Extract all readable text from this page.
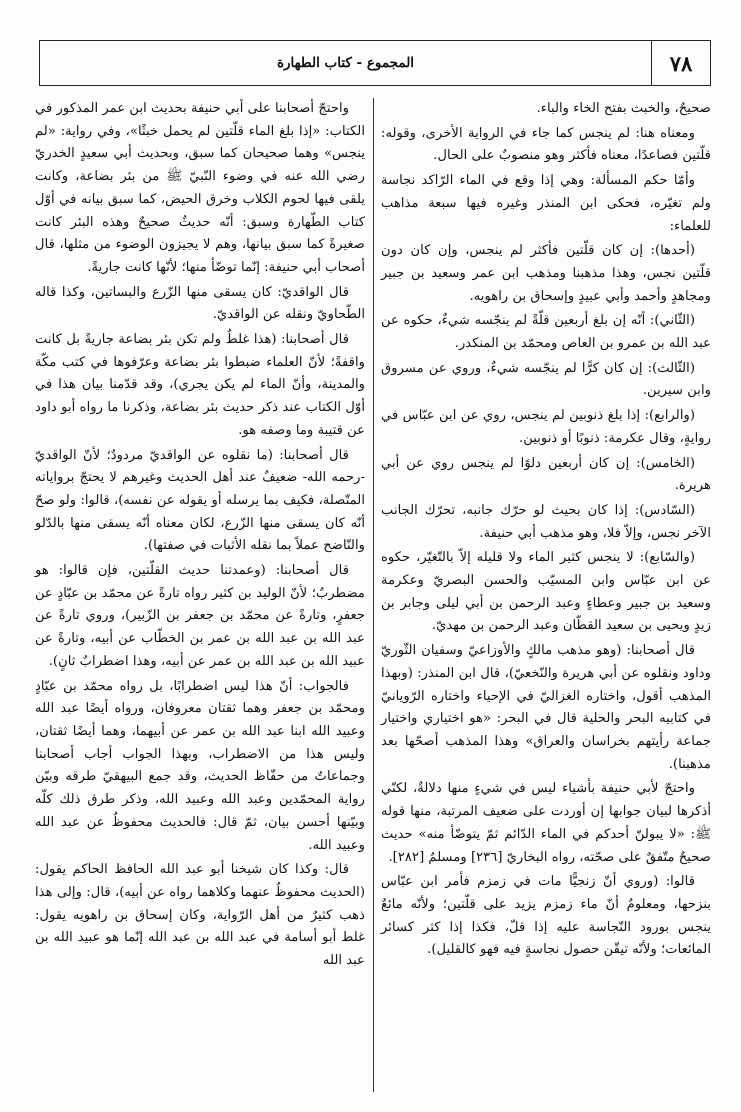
٧٨
المجموع - كتاب الطهارة

صحيحٌ، والخبث بفتح الخاء والباء.

ومعناه هنا: لم ينجس كما جاء في الرواية الأخرى، وقوله: قلّتين فصاعدًا، معناه فأكثر وهو منصوبٌ على الحال.

وأمّا حكم المسألة: وهي إذا وقع في الماء الرّاكد نجاسة ولم تغيّره، فحكى ابن المنذر وغيره فيها سبعة مذاهب للعلماء:

(أحدها): إن كان قلّتين فأكثر لم ينجس، وإن كان دون قلّتين نجس، وهذا مذهبنا ومذهب ابن عمر وسعيد بن جبير ومجاهدٍ وأحمد وأبي عبيدٍ وإسحاق بن راهويه.

(الثّاني): أنّه إن بلغ أربعين قلّةً لم ينجّسه شيءٌ، حكوه عن عبد الله بن عمرو بن العاص ومحمّد بن المنكدر.

(الثّالث): إن كان كرًّا لم ينجّسه شيءٌ، وروي عن مسروق وابن سيرين.

(والرابع): إذا بلغ ذنوبين لم ينجس، روي عن ابن عبّاس في روايةٍ، وقال عكرمة: ذنوبًا أو ذنوبين.

(الخامس): إن كان أربعين دلوًا لم ينجس روي عن أبي هريرة.

(السّادس): إذا كان بحيث لو حرّك جانبه، تحرّك الجانب الآخر نجس، وإلاّ فلا، وهو مذهب أبي حنيفة.

(والسّابع): لا ينجس كثير الماء ولا قليله إلاّ بالتّغيّر، حكوه عن ابن عبّاس وابن المسيّب والحسن البصريّ وعكرمة وسعيد بن جبير وعطاءٍ وعبد الرحمن بن أبي ليلى وجابر بن زيدٍ ويحيى بن سعيد القطّان وعبد الرحمن بن مهديّ.

قال أصحابنا: (وهو مذهب مالكٍ والأوزاعيّ وسفيان الثّوريّ وداود ونقلوه عن أبي هريرة والنّخعيّ)، قال ابن المنذر: (وبهذا المذهب أقول، واختاره الغزاليّ في الإحياء واختاره الرّويانيّ في كتابيه البحر والحلية قال في البحر: «هو اختياري واختيار جماعة رأيتهم بخراسان والعراق» وهذا المذهب أصحّها بعد مذهبنا).

واحتجّ لأبي حنيفة بأشياء ليس في شيءٍ منها دلالةٌ، لكنّي أذكرها لبيان جوابها إن أوردت على ضعيف المرتبة، منها قوله ﷺ: «لا يبولنّ أحدكم في الماء الدّائم ثمّ يتوضّأ منه» حديث صحيحٌ متّفقٌ على صحّته، رواه البخاريّ [٢٣٦] ومسلمٌ [٢٨٢].

قالوا: (وروي أنّ زنجيًّا مات في زمزم فأمر ابن عبّاس بنزحها، ومعلومٌ أنّ ماء زمزم يزيد على قلّتين؛ ولأنّه مائعٌ ينجس بورود النّجاسة عليه إذا قلّ، فكذا إذا كثر كسائر المائعات؛ ولأنّه تيقّن حصول نجاسةٍ فيه فهو كالقليل).

واحتجّ أصحابنا على أبي حنيفة بحديث ابن عمر المذكور في الكتاب: «إذا بلغ الماء قلّتين لم يحمل خبثًا»، وفي رواية: «لم ينجس» وهما صحيحان كما سبق، وبحديث أبي سعيدٍ الخدريّ رضي الله عنه في وضوء النّبيّ ﷺ من بئر بضاعة، وكانت يلقى فيها لحوم الكلاب وخرق الحيض، كما سبق بيانه في أوّل كتاب الطّهارة وسبق: أنّه حديثٌ صحيحٌ وهذه البئر كانت صغيرةً كما سبق بيانها، وهم لا يجيزون الوضوء من مثلها، قال أصحاب أبي حنيفة: إنّما توضّأ منها؛ لأنّها كانت جاريةً.

قال الواقديّ: كان يسقى منها الزّرع والبساتين، وكذا قاله الطّحاويّ ونقله عن الواقديّ.

قال أصحابنا: (هذا غلطٌ ولم تكن بئر بضاعة جاريةً بل كانت واقفةً؛ لأنّ العلماء ضبطوا بئر بضاعة وعرّفوها في كتب مكّة والمدينة، وأنّ الماء لم يكن يجري)، وقد قدّمنا بيان هذا في أوّل الكتاب عند ذكر حديث بئر بضاعة، وذكرنا ما رواه أبو داود عن قتيبة وما وصفه هو.

قال أصحابنا: (ما نقلوه عن الواقديّ مردودٌ؛ لأنّ الواقديّ -رحمه الله- ضعيفٌ عند أهل الحديث وغيرهم لا يحتجّ برواياته المتّصلة، فكيف بما يرسله أو يقوله عن نفسه)، قالوا: ولو صحّ أنّه كان يسقى منها الزّرع، لكان معناه أنّه يسقى منها بالدّلو والنّاضح عملاً بما نقله الأثبات في صفتها).

قال أصحابنا: (وعمدتنا حديث القلّتين، فإن قالوا: هو مضطربٌ؛ لأنّ الوليد بن كثير رواه تارةً عن محمّد بن عبّادٍ عن جعفرٍ، وتارةً عن محمّد بن جعفر بن الزّبير)، وروي تارةً عن عبد الله بن عبد الله بن عمر بن الخطّاب عن أبيه، وتارةً عن عبيد الله بن عبد الله بن عمر عن أبيه، وهذا اضطرابٌ ثانٍ).

فالجواب: أنّ هذا ليس اضطرابًا، بل رواه محمّد بن عبّادٍ ومحمّد بن جعفر وهما ثقتان معروفان، ورواه أيضًا عبد الله وعبيد الله ابنا عبد الله بن عمر عن أبيهما، وهما أيضًا ثقتان، وليس هذا من الاضطراب، وبهذا الجواب أجاب أصحابنا وجماعاتٌ من حفّاظ الحديث، وقد جمع البيهقيّ طرقه وبيّن رواية المحمّدين وعبد الله وعبيد الله، وذكر طرق ذلك كلّه وبيّنها أحسن بيان، ثمّ قال: فالحديث محفوظٌ عن عبد الله وعبيد الله.

قال: وكذا كان شيخنا أبو عبد الله الحافظ الحاكم يقول: (الحديث محفوظٌ عنهما وكلاهما رواه عن أبيه)، قال: وإلى هذا ذهب كثيرٌ من أهل الرّواية، وكان إسحاق بن راهويه يقول: غلط أبو أسامة في عبد الله بن عبد الله إنّما هو عبيد الله بن عبد الله
